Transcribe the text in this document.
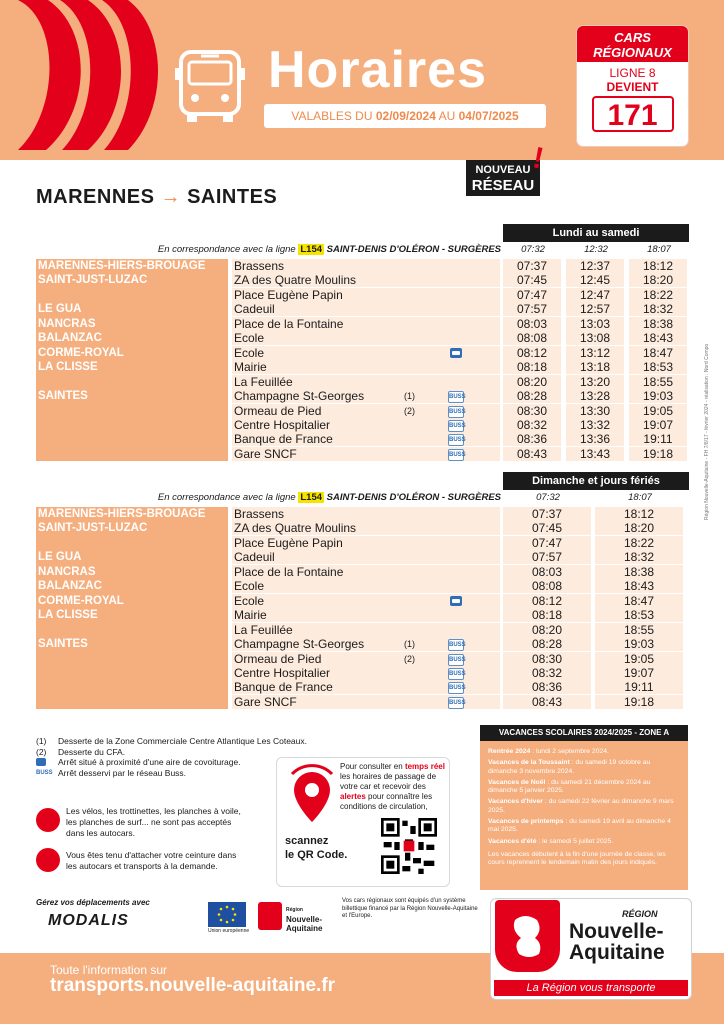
Horaires
VALABLES DU 02/09/2024 AU 04/07/2025
CARS
RÉGIONAUX
LIGNE 8
DEVIENT
171
NOUVEAU
RÉSEAU
!
MARENNES → SAINTES
Lundi au samedi
En correspondance avec la ligne L154 SAINT-DENIS D'OLÉRON - SURGÈRES	07:32	12:32	18:07
MARENNES-HIERS-BROUAGE	Brassens	07:37	12:37	18:12
SAINT-JUST-LUZAC	ZA des Quatre Moulins	07:45	12:45	18:20
Place Eugène Papin	07:47	12:47	18:22
LE GUA	Cadeuil	07:57	12:57	18:32
NANCRAS	Place de la Fontaine	08:03	13:03	18:38
BALANZAC	Ecole	08:08	13:08	18:43
CORME-ROYAL	Ecole	08:12	13:12	18:47
LA CLISSE	Mairie	08:18	13:18	18:53
La Feuillée	08:20	13:20	18:55
SAINTES	Champagne St-Georges	(1)	BUSS	08:28	13:28	19:03
Ormeau de Pied	(2)	BUSS	08:30	13:30	19:05
Centre Hospitalier	BUSS	08:32	13:32	19:07
Banque de France	BUSS	08:36	13:36	19:11
Gare SNCF	BUSS	08:43	13:43	19:18
Dimanche et jours fériés
En correspondance avec la ligne L154 SAINT-DENIS D'OLÉRON - SURGÈRES	07:32	18:07
MARENNES-HIERS-BROUAGE	Brassens	07:37	18:12
SAINT-JUST-LUZAC	ZA des Quatre Moulins	07:45	18:20
Place Eugène Papin	07:47	18:22
LE GUA	Cadeuil	07:57	18:32
NANCRAS	Place de la Fontaine	08:03	18:38
BALANZAC	Ecole	08:08	18:43
CORME-ROYAL	Ecole	08:12	18:47
LA CLISSE	Mairie	08:18	18:53
La Feuillée	08:20	18:55
SAINTES	Champagne St-Georges	(1)	BUSS	08:28	19:03
Ormeau de Pied	(2)	BUSS	08:30	19:05
Centre Hospitalier	BUSS	08:32	19:07
Banque de France	BUSS	08:36	19:11
Gare SNCF	BUSS	08:43	19:18
(1) Desserte de la Zone Commerciale Centre Atlantique Les Coteaux.
(2) Desserte du CFA.
Arrêt situé à proximité d'une aire de covoiturage.
BUSS Arrêt desservi par le réseau Buss.
Les vélos, les trottinettes, les planches à voile, les planches de surf... ne sont pas acceptés dans les autocars.
Vous êtes tenu d'attacher votre ceinture dans les autocars et transports à la demande.
Pour consulter en temps réel les horaires de passage de votre car et recevoir des alertes pour connaître les conditions de circulation,
scannez
le QR Code.
VACANCES SCOLAIRES 2024/2025 - ZONE A
Rentrée 2024 : lundi 2 septembre 2024.
Vacances de la Toussaint : du samedi 19 octobre au dimanche 3 novembre 2024.
Vacances de Noël : du samedi 21 décembre 2024 au dimanche 5 janvier 2025.
Vacances d'hiver : du samedi 22 février au dimanche 9 mars 2025.
Vacances de printemps : du samedi 19 avril au dimanche 4 mai 2025.
Vacances d'été : le samedi 5 juillet 2025.
Les vacances débutent à la fin d'une journée de classe, les cours reprennent le lendemain matin des jours indiqués.
Gérez vos déplacements avec
MODALIS
Union européenne
Région
Nouvelle-
Aquitaine
Vos cars régionaux sont équipés d'un système billettique financé par la Région Nouvelle-Aquitaine et l'Europe.
Toute l'information sur
transports.nouvelle-aquitaine.fr
RÉGION
Nouvelle-
Aquitaine
La Région vous transporte
Région Nouvelle-Aquitaine - FH 7/8/17 - février 2024 - réalisation : Nord Compo
